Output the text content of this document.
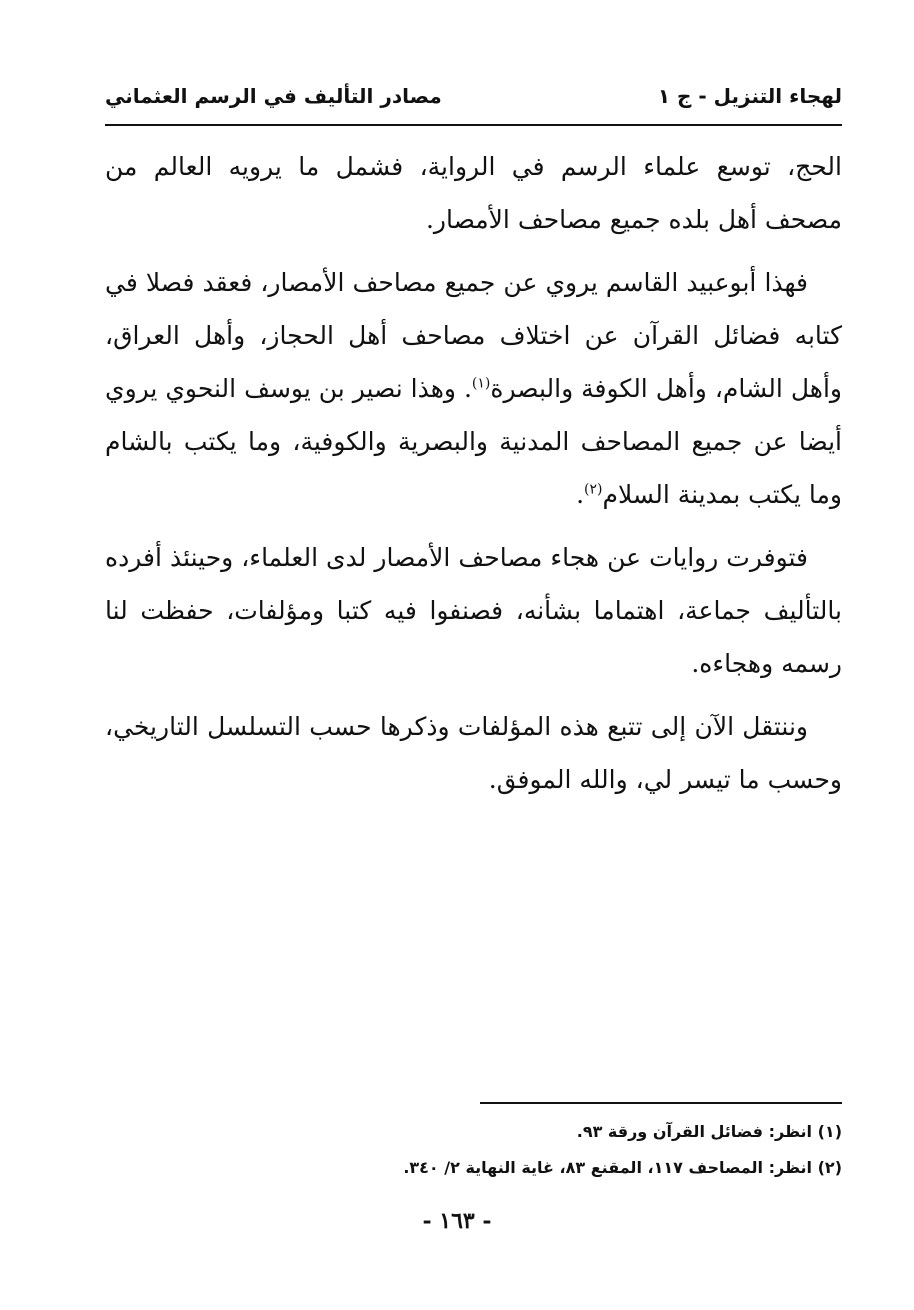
لهجاء التنزيل - ج ١
مصادر التأليف في الرسم العثماني

الحج، توسع علماء الرسم في الرواية، فشمل ما يرويه العالم من مصحف أهل بلده جميع مصاحف الأمصار.

فهذا أبوعبيد القاسم يروي عن جميع مصاحف الأمصار، فعقد فصلا في كتابه فضائل القرآن عن اختلاف مصاحف أهل الحجاز، وأهل العراق، وأهل الشام، وأهل الكوفة والبصرة$^{(١)}$. وهذا نصير بن يوسف النحوي يروي أيضا عن جميع المصاحف المدنية والبصرية والكوفية، وما يكتب بالشام وما يكتب بمدينة السلام$^{(٢)}$.

فتوفرت روايات عن هجاء مصاحف الأمصار لدى العلماء، وحينئذ أفرده بالتأليف جماعة، اهتماما بشأنه، فصنفوا فيه كتبا ومؤلفات، حفظت لنا رسمه وهجاءه.

وننتقل الآن إلى تتبع هذه المؤلفات وذكرها حسب التسلسل التاريخي، وحسب ما تيسر لي، والله الموفق.

(١) انظر: فضائل القرآن ورقة ٩٣.

(٢) انظر: المصاحف ١١٧، المقنع ٨٣، غاية النهاية ٢/ ٣٤٠.

- ١٦٣ -
